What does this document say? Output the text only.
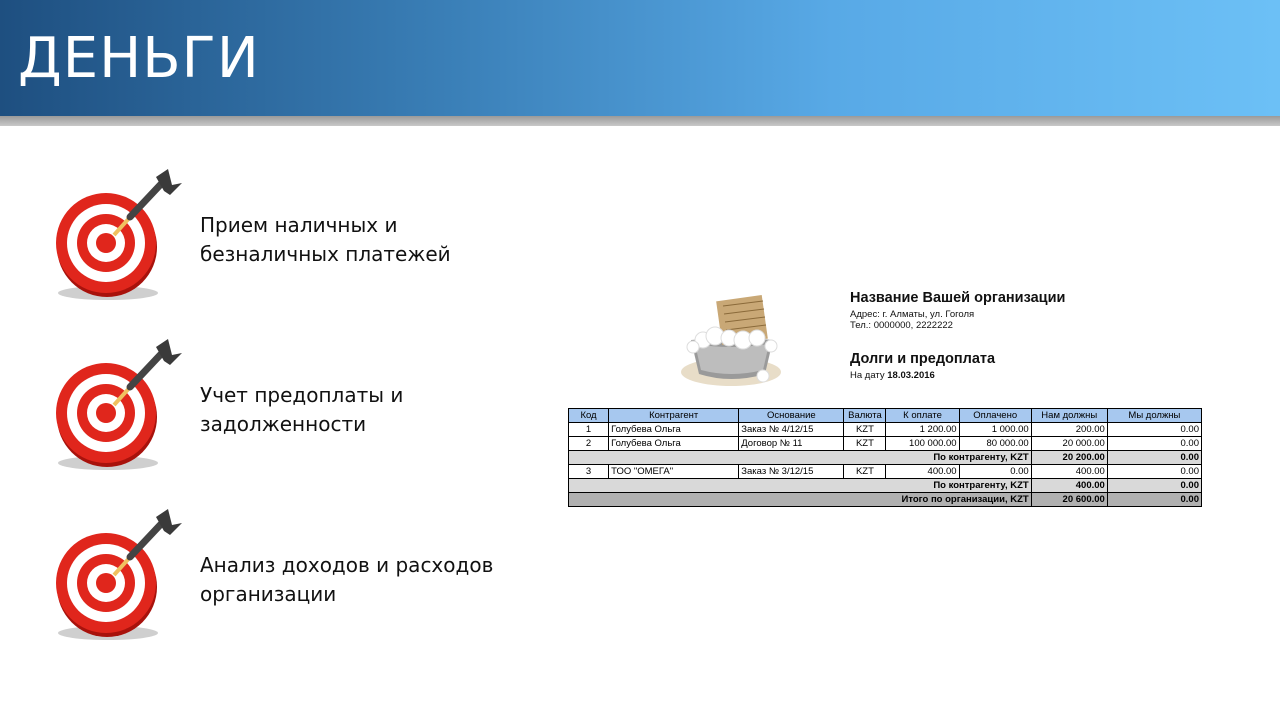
ДЕНЬГИ
Прием наличных и
безналичных платежей
Учет предоплаты и
задолженности
Анализ доходов и расходов
организации
Название Вашей организации
Адрес: г. Алматы, ул. Гоголя
Тел.: 0000000, 2222222
Долги и предоплата
На дату 18.03.2016
Код	Контрагент	Основание	Валюта	К оплате	Оплачено	Нам должны	Мы должны
1	Голубева Ольга	Заказ № 4/12/15	KZT	1 200.00	1 000.00	200.00	0.00
2	Голубева Ольга	Договор № 11	KZT	100 000.00	80 000.00	20 000.00	0.00
По контрагенту, KZT						20 200.00	0.00
3	ТОО "ОМЕГА"	Заказ № 3/12/15	KZT	400.00	0.00	400.00	0.00
По контрагенту, KZT						400.00	0.00
Итого по организации, KZT						20 600.00	0.00
